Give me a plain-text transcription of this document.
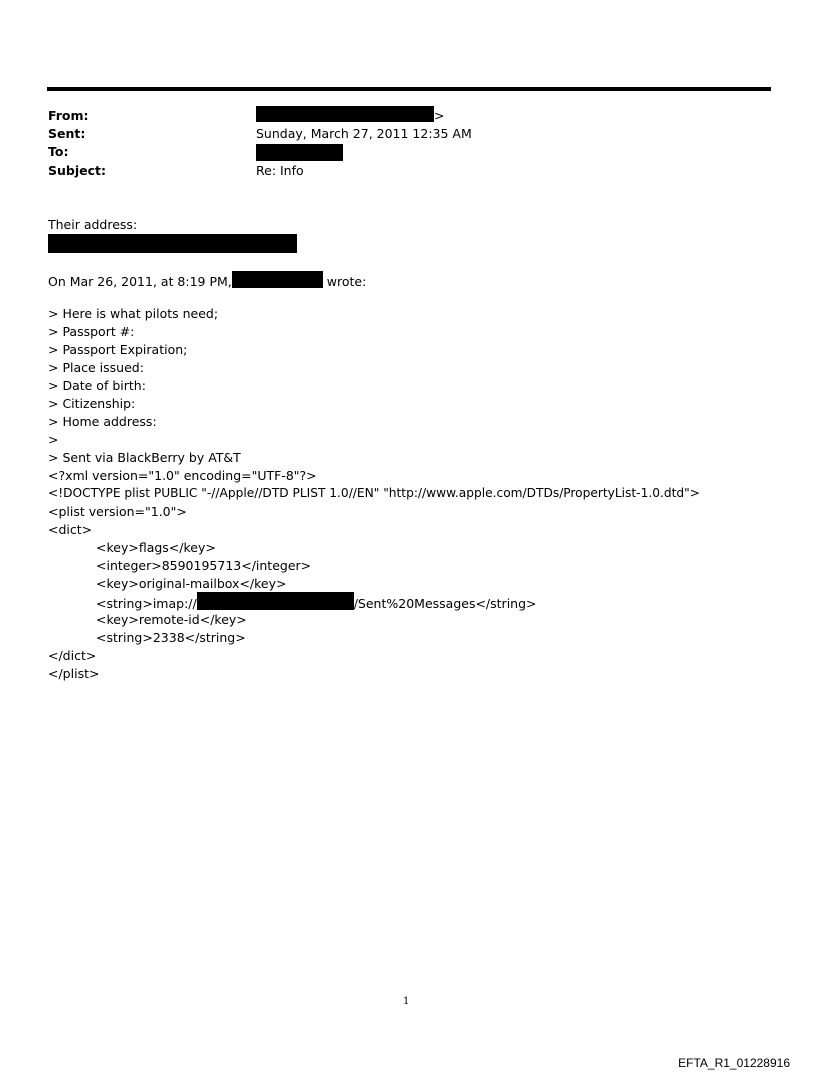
From:	>
Sent:	Sunday, March 27, 2011 12:35 AM
To:
Subject:	Re: Info
Their address:
On Mar 26, 2011, at 8:19 PM,	wrote:
> Here is what pilots need;
> Passport #:
> Passport Expiration;
> Place issued:
> Date of birth:
> Citizenship:
> Home address:
>
> Sent via BlackBerry by AT&T
<?xml version="1.0" encoding="UTF-8"?>
<!DOCTYPE plist PUBLIC "-//Apple//DTD PLIST 1.0//EN" "http://www.apple.com/DTDs/PropertyList-1.0.dtd">
<plist version="1.0">
<dict>
<key>flags</key>
<integer>8590195713</integer>
<key>original-mailbox</key>
<string>imap://	/Sent%20Messages</string>
<key>remote-id</key>
<string>2338</string>
</dict>
</plist>
1
EFTA_R1_01228916
